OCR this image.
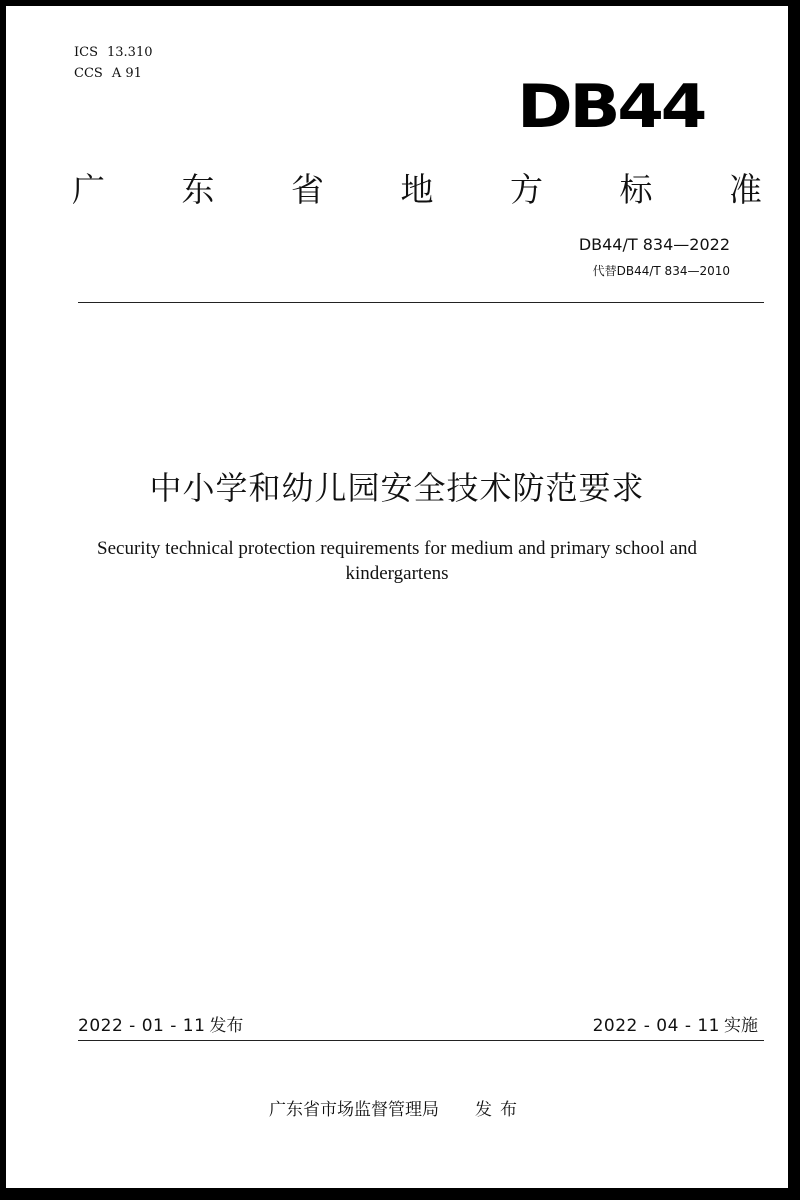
ICS 13.310
CCS A 91	DB44
广 东 省 地 方 标 准
DB44/T 834—2022
代替DB44/T 834—2010
中小学和幼儿园安全技术防范要求
Security technical protection requirements for medium and primary school and kindergartens
2022 - 01 - 11 发布	2022 - 04 - 11 实施
广东省市场监督管理局 发布
